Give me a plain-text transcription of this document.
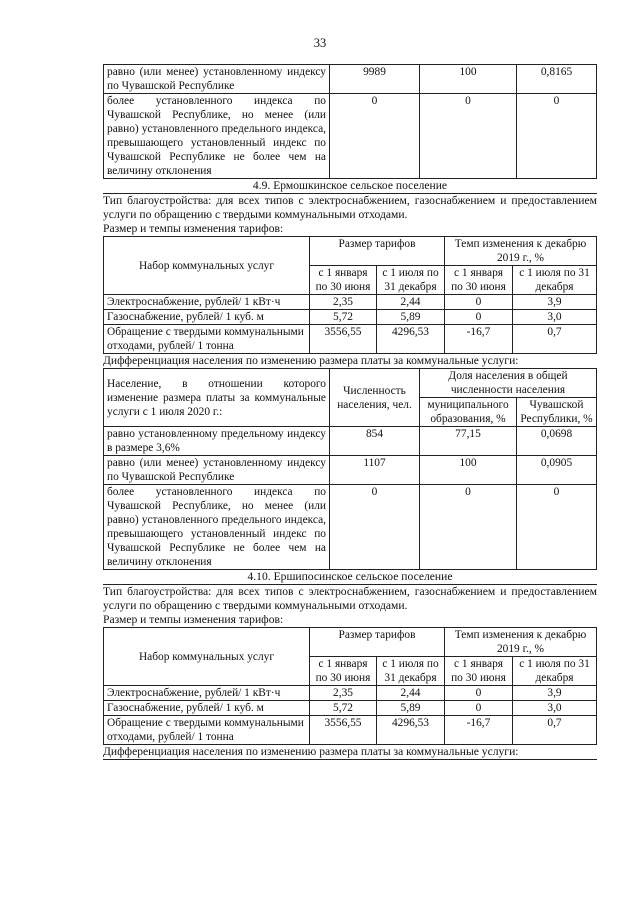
33
равно (или менее) установленному индексу по Чувашской Республике	9989	100	0,8165
более установленного индекса по Чувашской Республике, но менее (или равно) установленного предельного индекса, превышающего установленный индекс по Чувашской Республике не более чем на величину отклонения	0	0	0
4.9. Ермошкинское сельское поселение
Тип благоустройства: для всех типов с электроснабжением, газоснабжением и предоставлением услуги по обращению с твердыми коммунальными отходами.
Размер и темпы изменения тарифов:
Набор коммунальных услуг	Размер тарифов		Темп изменения к декабрю 2019 г., %	
	с 1 января по 30 июня	с 1 июля по 31 декабря	с 1 января по 30 июня	с 1 июля по 31 декабря
Электроснабжение, рублей/ 1 кВт·ч	2,35	2,44	0	3,9
Газоснабжение, рублей/ 1 куб. м	5,72	5,89	0	3,0
Обращение с твердыми коммунальными отходами, рублей/ 1 тонна	3556,55	4296,53	-16,7	0,7
Дифференциация населения по изменению размера платы за коммунальные услуги:
Население, в отношении которого изменение размера платы за коммунальные услуги с 1 июля 2020 г.:	Численность населения, чел.	Доля населения в общей численности населения	
		муниципального образования, %	Чувашской Республики, %
равно установленному предельному индексу в размере 3,6%	854	77,15	0,0698
равно (или менее) установленному индексу по Чувашской Республике	1107	100	0,0905
более установленного индекса по Чувашской Республике, но менее (или равно) установленного предельного индекса, превышающего установленный индекс по Чувашской Республике не более чем на величину отклонения	0	0	0
4.10. Ершипосинское сельское поселение
Тип благоустройства: для всех типов с электроснабжением, газоснабжением и предоставлением услуги по обращению с твердыми коммунальными отходами.
Размер и темпы изменения тарифов:
Набор коммунальных услуг	Размер тарифов		Темп изменения к декабрю 2019 г., %	
	с 1 января по 30 июня	с 1 июля по 31 декабря	с 1 января по 30 июня	с 1 июля по 31 декабря
Электроснабжение, рублей/ 1 кВт·ч	2,35	2,44	0	3,9
Газоснабжение, рублей/ 1 куб. м	5,72	5,89	0	3,0
Обращение с твердыми коммунальными отходами, рублей/ 1 тонна	3556,55	4296,53	-16,7	0,7
Дифференциация населения по изменению размера платы за коммунальные услуги:
